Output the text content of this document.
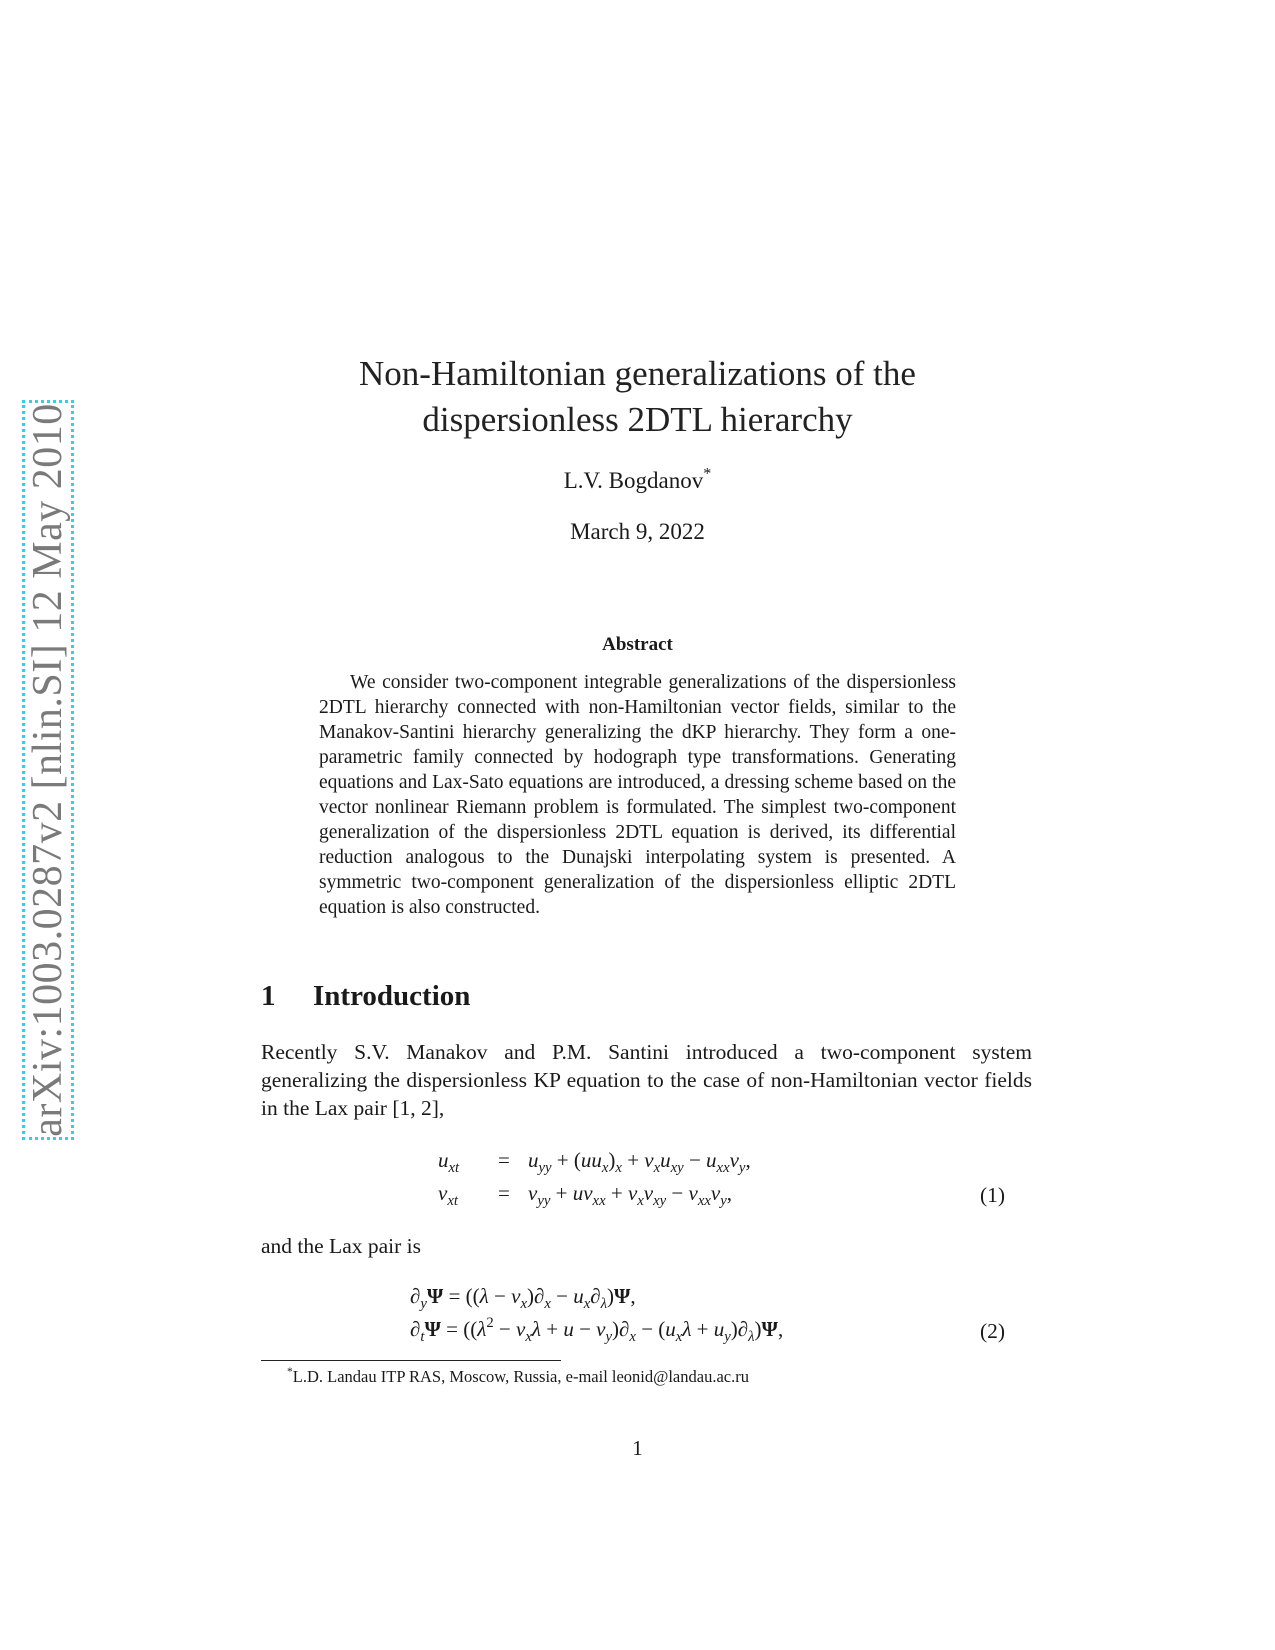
arXiv:1003.0287v2 [nlin.SI] 12 May 2010
Non-Hamiltonian generalizations of the
dispersionless 2DTL hierarchy
L.V. Bogdanov*
March 9, 2022
Abstract
We consider two-component integrable generalizations of the dispersionless 2DTL hierarchy connected with non-Hamiltonian vector fields, similar to the Manakov-Santini hierarchy generalizing the dKP hierarchy. They form a one-parametric family connected by hodograph type transformations. Generating equations and Lax-Sato equations are introduced, a dressing scheme based on the vector nonlinear Riemann problem is formulated. The simplest two-component generalization of the dispersionless 2DTL equation is derived, its differential reduction analogous to the Dunajski interpolating system is presented. A symmetric two-component generalization of the dispersionless elliptic 2DTL equation is also constructed.
1 Introduction
Recently S.V. Manakov and P.M. Santini introduced a two-component system generalizing the dispersionless KP equation to the case of non-Hamiltonian vector fields in the Lax pair [1, 2],
$u_{xt}$	= $u_{yy} + (uu_x)_x + v_xu_{xy} - u_{xx}v_y$,
$v_{xt}$	= $v_{yy} + uv_{xx} + v_xv_{xy} - v_{xx}v_y$,	(1)
and the Lax pair is
$\partial_y\Psi = ((\lambda - v_x)\partial_x - u_x\partial_\lambda)\Psi$,
$\partial_t\Psi = ((\lambda^2 - v_x\lambda + u - v_y)\partial_x - (u_x\lambda + u_y)\partial_\lambda)\Psi$,	(2)
*L.D. Landau ITP RAS, Moscow, Russia, e-mail leonid@landau.ac.ru
1
